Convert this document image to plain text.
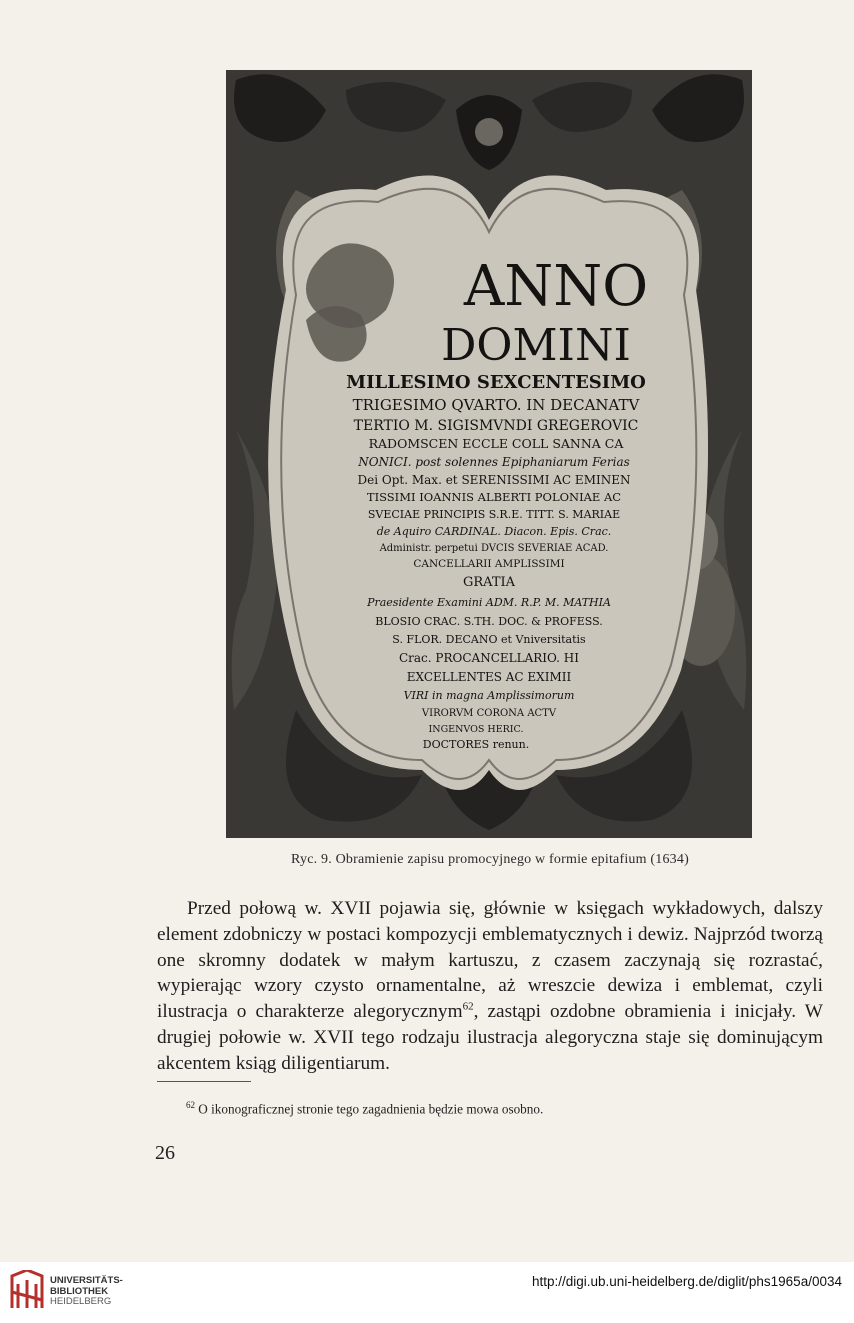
ANNO
DOMINI
MILLESIMO SEXCENTESIMO
TRIGESIMO QVARTO. IN DECANATV
TERTIO M. SIGISMVNDI GREGEROVIC
RADOMSCEN ECCLE COLL SANNA CA
NONICI. post solennes Epiphaniarum Ferias
Dei Opt. Max. et SERENISSIMI AC EMINEN
TISSIMI IOANNIS ALBERTI POLONIAE AC
SVECIAE PRINCIPIS S.R.E. TITT. S. MARIAE
de Aquiro CARDINAL. Diacon. Epis. Crac.
Administr. perpetui DVCIS SEVERIAE ACAD.
CANCELLARII AMPLISSIMI
GRATIA
Praesidente Examini ADM. R.P. M. MATHIA
BLOSIO CRAC. S.TH. DOC. & PROFESS.
S. FLOR. DECANO et Vniversitatis
Crac. PROCANCELLARIO. HI
EXCELLENTES AC EXIMII
VIRI in magna Amplissimorum
VIRORVM CORONA ACTV
INGENVOS HERIC.
DOCTORES renun.
Ryc. 9. Obramienie zapisu promocyjnego w formie epitafium (1634)

Przed połową w. XVII pojawia się, głównie w księgach wykładowych, dalszy element zdobniczy w postaci kompozycji emblematycznych i dewiz. Najprzód tworzą one skromny dodatek w małym kartuszu, z czasem zaczynają się rozrastać, wypierając wzory czysto ornamentalne, aż wreszcie dewiza i emblemat, czyli ilustracja o charakterze alegorycznym$^{62}$, zastąpi ozdobne obramienia i inicjały. W drugiej połowie w. XVII tego rodzaju ilustracja alegoryczna staje się dominującym akcentem ksiąg diligentiarum.

$^{62}$ O ikonograficznej stronie tego zagadnienia będzie mowa osobno.

26
UNIVERSITÄTS-
BIBLIOTHEK
HEIDELBERG
http://digi.ub.uni-heidelberg.de/diglit/phs1965a/0034
